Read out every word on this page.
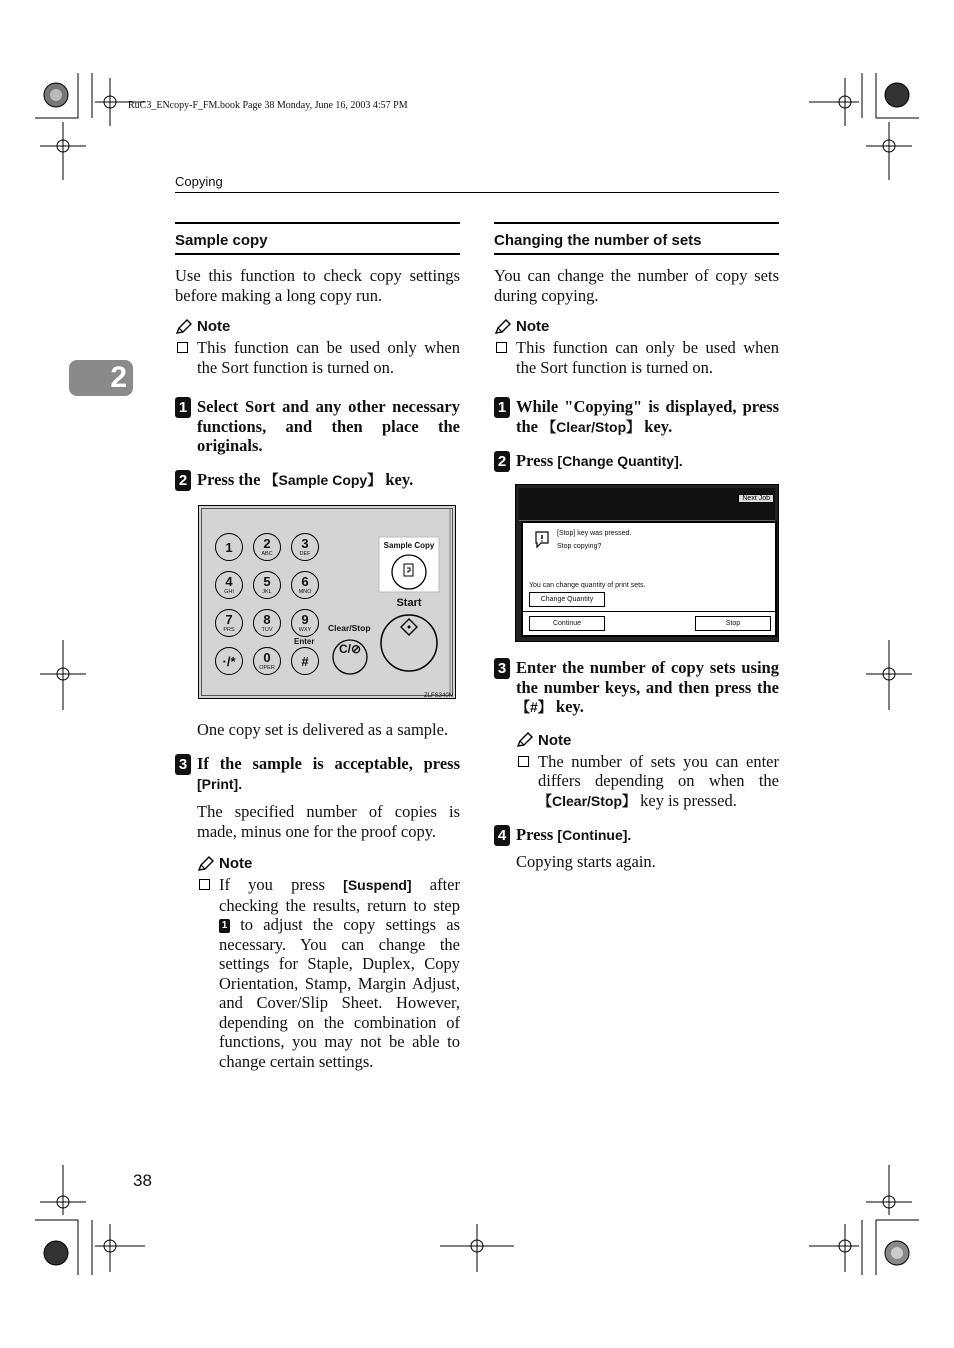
RuC3_ENcopy-F_FM.book Page 38 Monday, June 16, 2003 4:57 PM
Copying
2
Sample copy
Use this function to check copy settings before making a long copy run.
Note
This function can be used only when the Sort function is turned on.
1 Select Sort and any other necessary functions, and then place the originals.
2 Press the 【Sample Copy】 key.
1	2
ABC
3
DEF
4
GHI
5
JKL
6
MNO
7
PRS
8
TUV
9
WXY
·/*	0
OPER	#
Enter
Clear/Stop
C/⊘
Sample Copy
Start
ZLFS340N
One copy set is delivered as a sample.
3 If the sample is acceptable, press [Print].
The specified number of copies is made, minus one for the proof copy.
Note
If you press [Suspend] after checking the results, return to step 1 to adjust the copy settings as necessary. You can change the settings for Staple, Duplex, Copy Orientation, Stamp, Margin Adjust, and Cover/Slip Sheet. However, depending on the combination of functions, you may not be able to change certain settings.
Changing the number of sets
You can change the number of copy sets during copying.
Note
This function can only be used when the Sort function is turned on.
1 While "Copying" is displayed, press the 【Clear/Stop】 key.
2 Press [Change Quantity].
Next Job
[Stop] key was pressed.
Stop copying?
You can change quantity of print sets.
Change Quantity
Continue	Stop
3 Enter the number of copy sets using the number keys, and then press the 【#】 key.
Note
The number of sets you can enter differs depending on when the 【Clear/Stop】 key is pressed.
4 Press [Continue].
Copying starts again.
38
